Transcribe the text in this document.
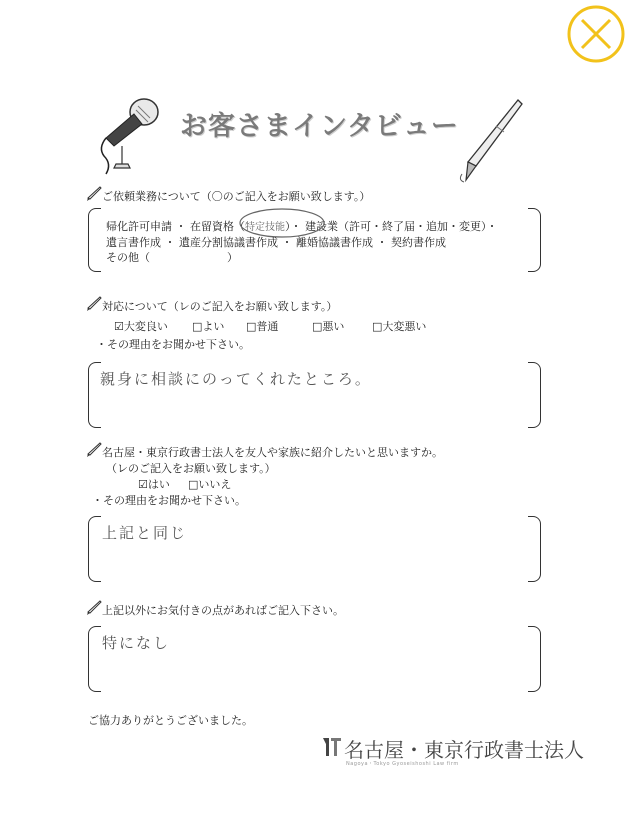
お客さまインタビュー
ご依頼業務について（〇のご記入をお願い致します。）
帰化許可申請 ・ 在留資格（特定技能）・ 建設業（許可・終了届・追加・変更）・
遺言書作成 ・ 遺産分割協議書作成 ・ 離婚協議書作成 ・ 契約書作成
その他（　　　　　　　）
対応について（レのご記入をお願い致します。）
☑大変良い □よい □普通	□悪い	□大変悪い
・その理由をお聞かせ下さい。
親身に相談にのってくれたところ。
名古屋・東京行政書士法人を友人や家族に紹介したいと思いますか。
（レのご記入をお願い致します。）
☑はい □いいえ
・その理由をお聞かせ下さい。
上記と同じ
上記以外にお気付きの点があればご記入下さい。
特になし
ご協力ありがとうございました。
名古屋・東京行政書士法人
Nagoya・Tokyo Gyoseishoshi Law firm
